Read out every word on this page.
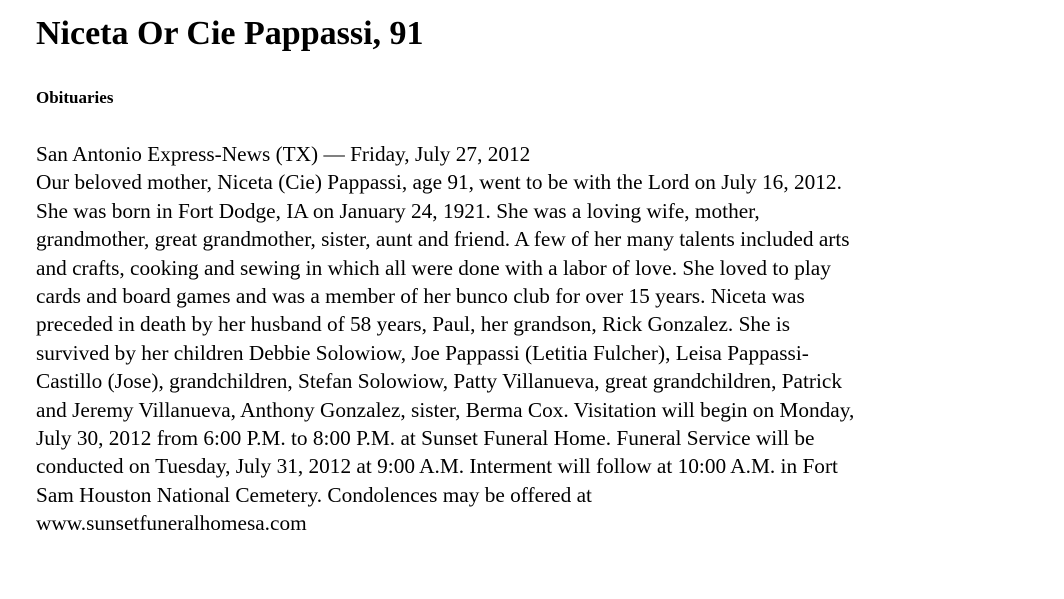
Niceta Or Cie Pappassi, 91
Obituaries
San Antonio Express-News (TX) — Friday, July 27, 2012
Our beloved mother, Niceta (Cie) Pappassi, age 91, went to be with the Lord on July 16, 2012.
She was born in Fort Dodge, IA on January 24, 1921. She was a loving wife, mother,
grandmother, great grandmother, sister, aunt and friend. A few of her many talents included arts
and crafts, cooking and sewing in which all were done with a labor of love. She loved to play
cards and board games and was a member of her bunco club for over 15 years. Niceta was
preceded in death by her husband of 58 years, Paul, her grandson, Rick Gonzalez. She is
survived by her children Debbie Solowiow, Joe Pappassi (Letitia Fulcher), Leisa Pappassi-
Castillo (Jose), grandchildren, Stefan Solowiow, Patty Villanueva, great grandchildren, Patrick
and Jeremy Villanueva, Anthony Gonzalez, sister, Berma Cox. Visitation will begin on Monday,
July 30, 2012 from 6:00 P.M. to 8:00 P.M. at Sunset Funeral Home. Funeral Service will be
conducted on Tuesday, July 31, 2012 at 9:00 A.M. Interment will follow at 10:00 A.M. in Fort
Sam Houston National Cemetery. Condolences may be offered at
www.sunsetfuneralhomesa.com
